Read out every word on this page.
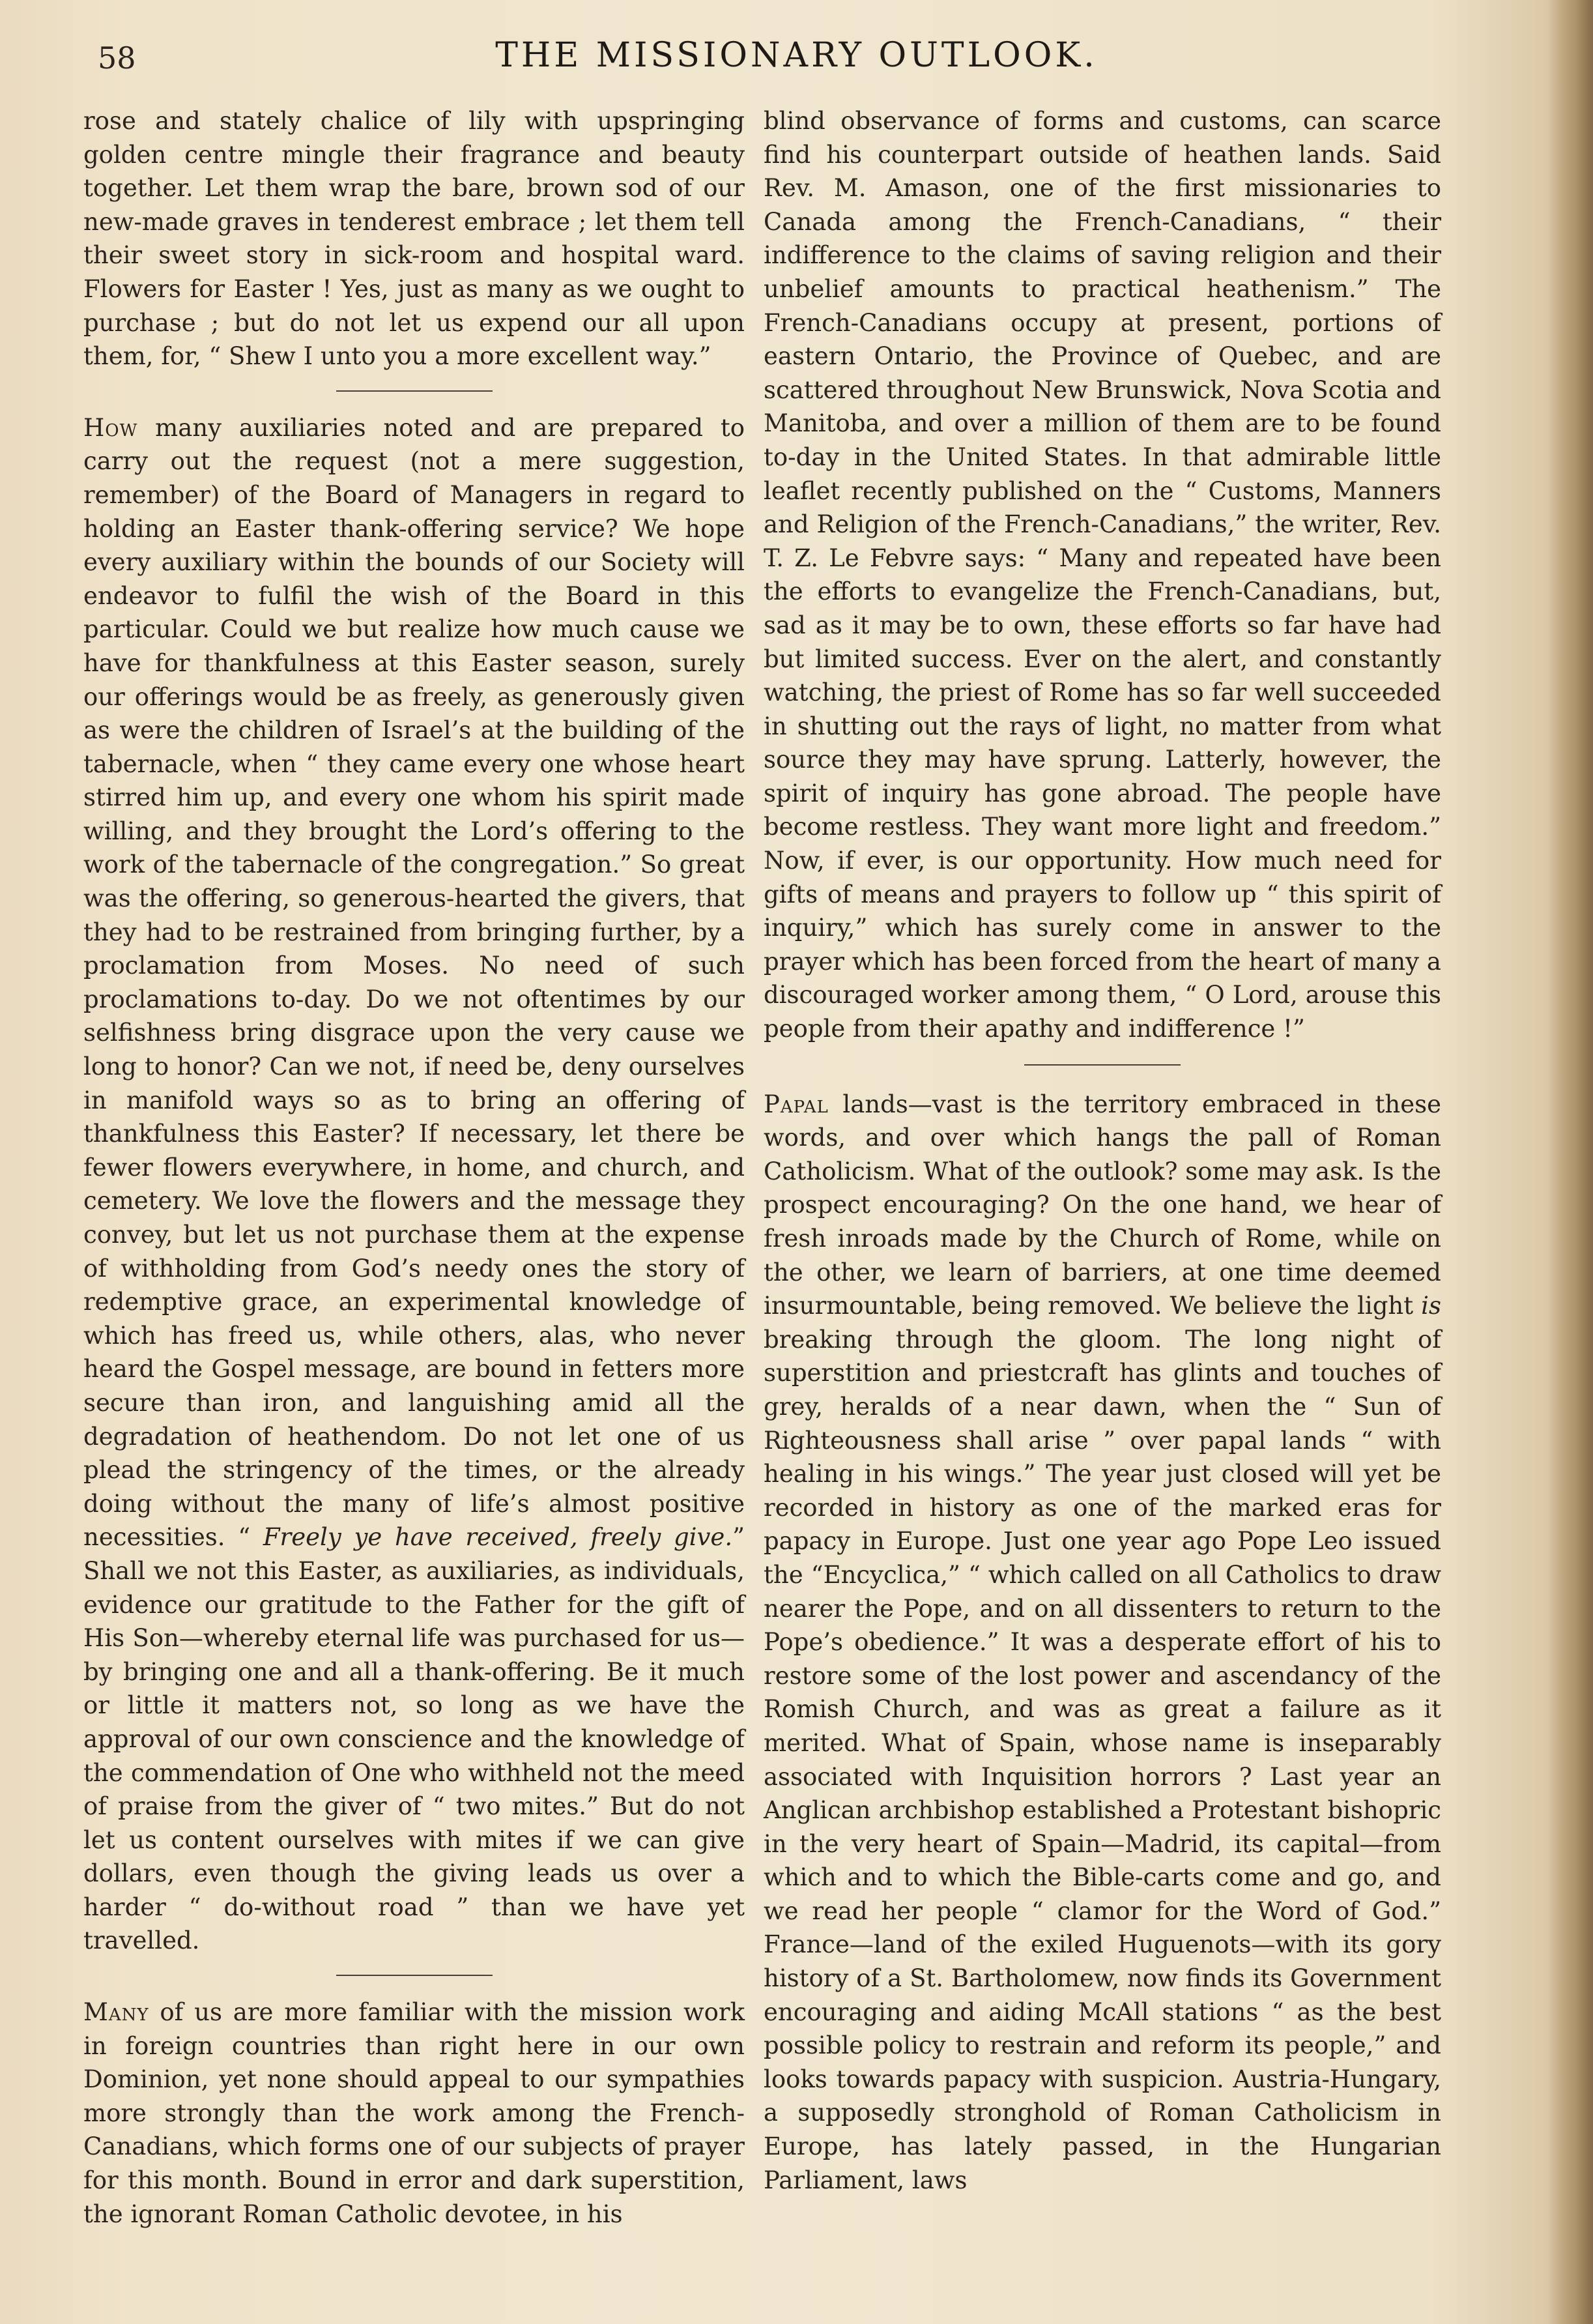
58	THE MISSIONARY OUTLOOK.

rose and stately chalice of lily with upspringing golden centre mingle their fragrance and beauty together. Let them wrap the bare, brown sod of our new-made graves in tenderest embrace ; let them tell their sweet story in sick-room and hospital ward. Flowers for Easter ! Yes, just as many as we ought to purchase ; but do not let us expend our all upon them, for, “ Shew I unto you a more excellent way.”

How many auxiliaries noted and are prepared to carry out the request (not a mere suggestion, remember) of the Board of Managers in regard to holding an Easter thank-offering service? We hope every auxiliary within the bounds of our Society will endeavor to fulfil the wish of the Board in this particular. Could we but realize how much cause we have for thankfulness at this Easter season, surely our offerings would be as freely, as generously given as were the children of Israel’s at the building of the tabernacle, when “ they came every one whose heart stirred him up, and every one whom his spirit made willing, and they brought the Lord’s offering to the work of the tabernacle of the congregation.” So great was the offering, so generous-hearted the givers, that they had to be restrained from bringing further, by a proclamation from Moses. No need of such proclamations to-day. Do we not oftentimes by our selfishness bring disgrace upon the very cause we long to honor? Can we not, if need be, deny ourselves in manifold ways so as to bring an offering of thankfulness this Easter? If necessary, let there be fewer flowers everywhere, in home, and church, and cemetery. We love the flowers and the message they convey, but let us not purchase them at the expense of withholding from God’s needy ones the story of redemptive grace, an experimental knowledge of which has freed us, while others, alas, who never heard the Gospel message, are bound in fetters more secure than iron, and languishing amid all the degradation of heathendom. Do not let one of us plead the stringency of the times, or the already doing without the many of life’s almost positive necessities. “ Freely ye have received, freely give.” Shall we not this Easter, as auxiliaries, as individuals, evidence our gratitude to the Father for the gift of His Son—whereby eternal life was purchased for us—by bringing one and all a thank-offering. Be it much or little it matters not, so long as we have the approval of our own conscience and the knowledge of the commendation of One who withheld not the meed of praise from the giver of “ two mites.” But do not let us content ourselves with mites if we can give dollars, even though the giving leads us over a harder “ do-without road ” than we have yet travelled.

Many of us are more familiar with the mission work in foreign countries than right here in our own Dominion, yet none should appeal to our sympathies more strongly than the work among the French-Canadians, which forms one of our subjects of prayer for this month. Bound in error and dark superstition, the ignorant Roman Catholic devotee, in his

blind observance of forms and customs, can scarce find his counterpart outside of heathen lands. Said Rev. M. Amason, one of the first missionaries to Canada among the French-Canadians, “ their indifference to the claims of saving religion and their unbelief amounts to practical heathenism.” The French-Canadians occupy at present, portions of eastern Ontario, the Province of Quebec, and are scattered throughout New Brunswick, Nova Scotia and Manitoba, and over a million of them are to be found to-day in the United States. In that admirable little leaflet recently published on the “ Customs, Manners and Religion of the French-Canadians,” the writer, Rev. T. Z. Le Febvre says: “ Many and repeated have been the efforts to evangelize the French-Canadians, but, sad as it may be to own, these efforts so far have had but limited success. Ever on the alert, and constantly watching, the priest of Rome has so far well succeeded in shutting out the rays of light, no matter from what source they may have sprung. Latterly, however, the spirit of inquiry has gone abroad. The people have become restless. They want more light and freedom.” Now, if ever, is our opportunity. How much need for gifts of means and prayers to follow up “ this spirit of inquiry,” which has surely come in answer to the prayer which has been forced from the heart of many a discouraged worker among them, “ O Lord, arouse this people from their apathy and indifference !”

Papal lands—vast is the territory embraced in these words, and over which hangs the pall of Roman Catholicism. What of the outlook? some may ask. Is the prospect encouraging? On the one hand, we hear of fresh inroads made by the Church of Rome, while on the other, we learn of barriers, at one time deemed insurmountable, being removed. We believe the light is breaking through the gloom. The long night of superstition and priestcraft has glints and touches of grey, heralds of a near dawn, when the “ Sun of Righteousness shall arise ” over papal lands “ with healing in his wings.” The year just closed will yet be recorded in history as one of the marked eras for papacy in Europe. Just one year ago Pope Leo issued the “Encyclica,” “ which called on all Catholics to draw nearer the Pope, and on all dissenters to return to the Pope’s obedience.” It was a desperate effort of his to restore some of the lost power and ascendancy of the Romish Church, and was as great a failure as it merited. What of Spain, whose name is inseparably associated with Inquisition horrors ? Last year an Anglican archbishop established a Protestant bishopric in the very heart of Spain—Madrid, its capital—from which and to which the Bible-carts come and go, and we read her people “ clamor for the Word of God.” France—land of the exiled Huguenots—with its gory history of a St. Bartholomew, now finds its Government encouraging and aiding McAll stations “ as the best possible policy to restrain and reform its people,” and looks towards papacy with suspicion. Austria-Hungary, a supposedly stronghold of Roman Catholicism in Europe, has lately passed, in the Hungarian Parliament, laws
